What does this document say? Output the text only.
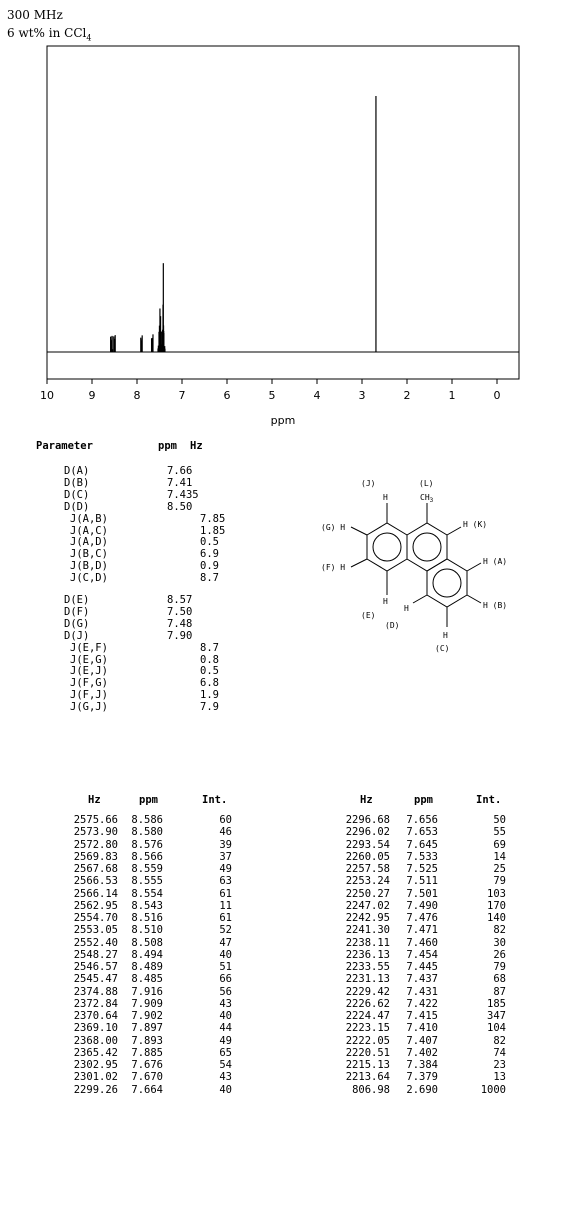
300 MHz
6 wt% in CCl$_4$
10	9	8	7	6	5	4	3	2	1	0
ppm
Parameter	ppm Hz
D(A)	7.66
D(B)	7.41
D(C)	7.435
D(D)	8.50
J(A,B)	7.85
J(A,C)	1.85
J(A,D)	0.5
J(B,C)	6.9
J(B,D)	0.9
J(C,D)	8.7
D(E)	8.57
D(F)	7.50
D(G)	7.48
D(J)	7.90
J(E,F)	8.7
J(E,G)	0.8
J(E,J)	0.5
J(F,G)	6.8
J(F,J)	1.9
J(G,J)	7.9
(J)	(L)
H	$CH_3$
(G) H	H (K)
H (A)
(F) H
H
(E)
H	H (B)
(D)
H
(C)
Hz	ppm	Int.
2575.66 8.586	60
2573.90 8.580	46
2572.80 8.576	39
2569.83 8.566	37
2567.68 8.559	49
2566.53 8.555	63
2566.14 8.554	61
2562.95 8.543	11
2554.70 8.516	61
2553.05 8.510	52
2552.40 8.508	47
2548.27 8.494	40
2546.57 8.489	51
2545.47 8.485	66
2374.88 7.916	56
2372.84 7.909	43
2370.64 7.902	40
2369.10 7.897	44
2368.00 7.893	49
2365.42 7.885	65
2302.95 7.676	54
2301.02 7.670	43
2299.26 7.664	40
Hz	ppm	Int.
2296.68 7.656	50
2296.02 7.653	55
2293.54 7.645	69
2260.05 7.533	14
2257.58 7.525	25
2253.24 7.511	79
2250.27 7.501	103
2247.02 7.490	170
2242.95 7.476	140
2241.30 7.471	82
2238.11 7.460	30
2236.13 7.454	26
2233.55 7.445	79
2231.13 7.437	68
2229.42 7.431	87
2226.62 7.422	185
2224.47 7.415	347
2223.15 7.410	104
2222.05 7.407	82
2220.51 7.402	74
2215.13 7.384	23
2213.64 7.379	13
806.98 2.690	1000
